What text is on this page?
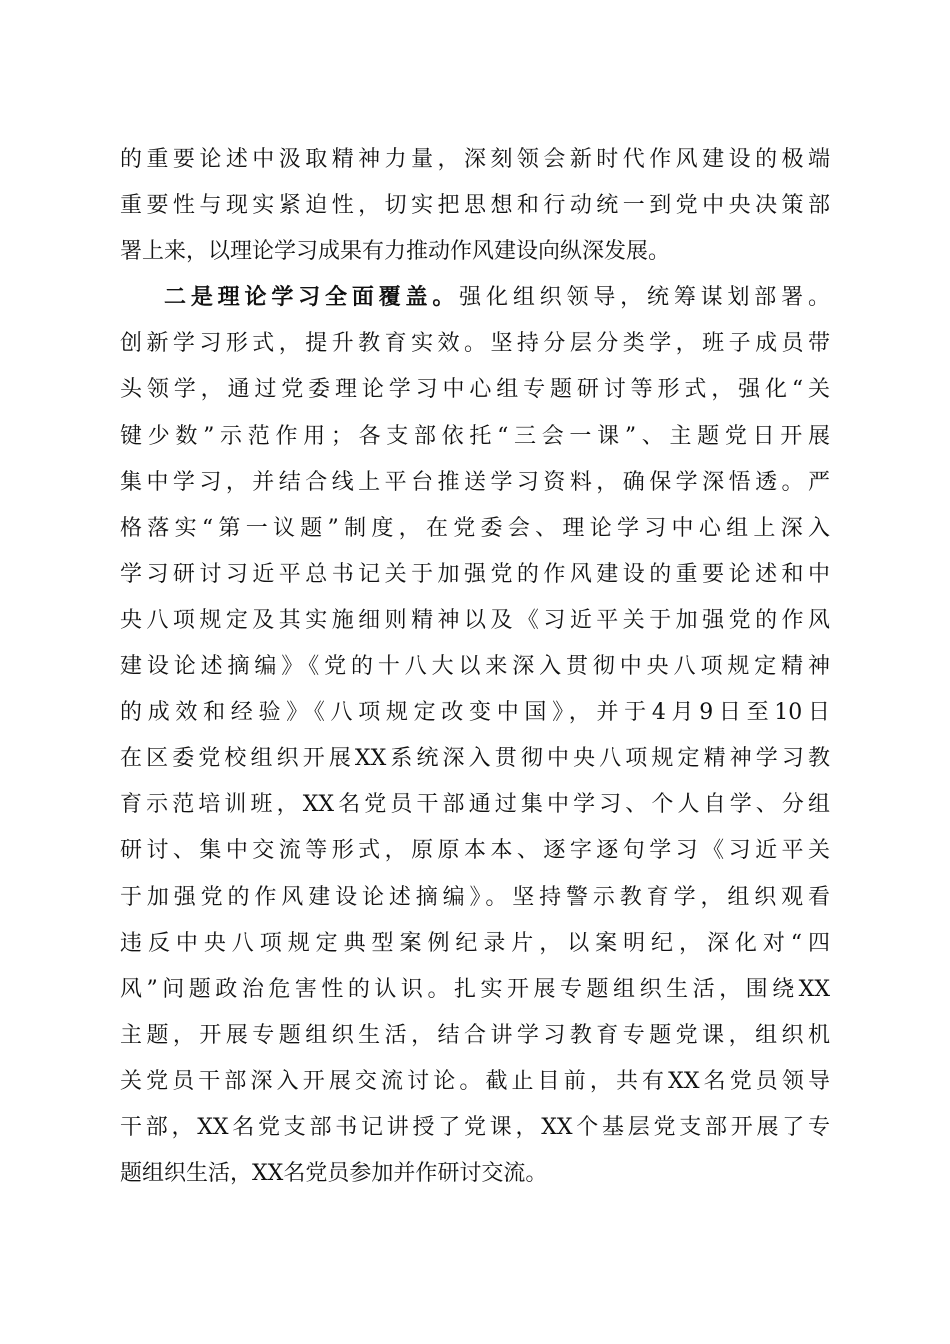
的重要论述中汲取精神力量，深刻领会新时代作风建设的极端
重要性与现实紧迫性，切实把思想和行动统一到党中央决策部
署上来，以理论学习成果有力推动作风建设向纵深发展。
二是理论学习全面覆盖。强化组织领导，统筹谋划部署。
创新学习形式，提升教育实效。坚持分层分类学，班子成员带
头领学，通过党委理论学习中心组专题研讨等形式，强化“关
键少数”示范作用；各支部依托“三会一课”、主题党日开展
集中学习，并结合线上平台推送学习资料，确保学深悟透。严
格落实“第一议题”制度，在党委会、理论学习中心组上深入
学习研讨习近平总书记关于加强党的作风建设的重要论述和中
央八项规定及其实施细则精神以及《习近平关于加强党的作风
建设论述摘编》《党的十八大以来深入贯彻中央八项规定精神
的成效和经验》《八项规定改变中国》，并于4月9日至10日
在区委党校组织开展XX系统深入贯彻中央八项规定精神学习教
育示范培训班，XX名党员干部通过集中学习、个人自学、分组
研讨、集中交流等形式，原原本本、逐字逐句学习《习近平关
于加强党的作风建设论述摘编》。坚持警示教育学，组织观看
违反中央八项规定典型案例纪录片，以案明纪，深化对“四
风”问题政治危害性的认识。扎实开展专题组织生活，围绕XX
主题，开展专题组织生活，结合讲学习教育专题党课，组织机
关党员干部深入开展交流讨论。截止目前，共有XX名党员领导
干部，XX名党支部书记讲授了党课，XX个基层党支部开展了专
题组织生活，XX名党员参加并作研讨交流。
